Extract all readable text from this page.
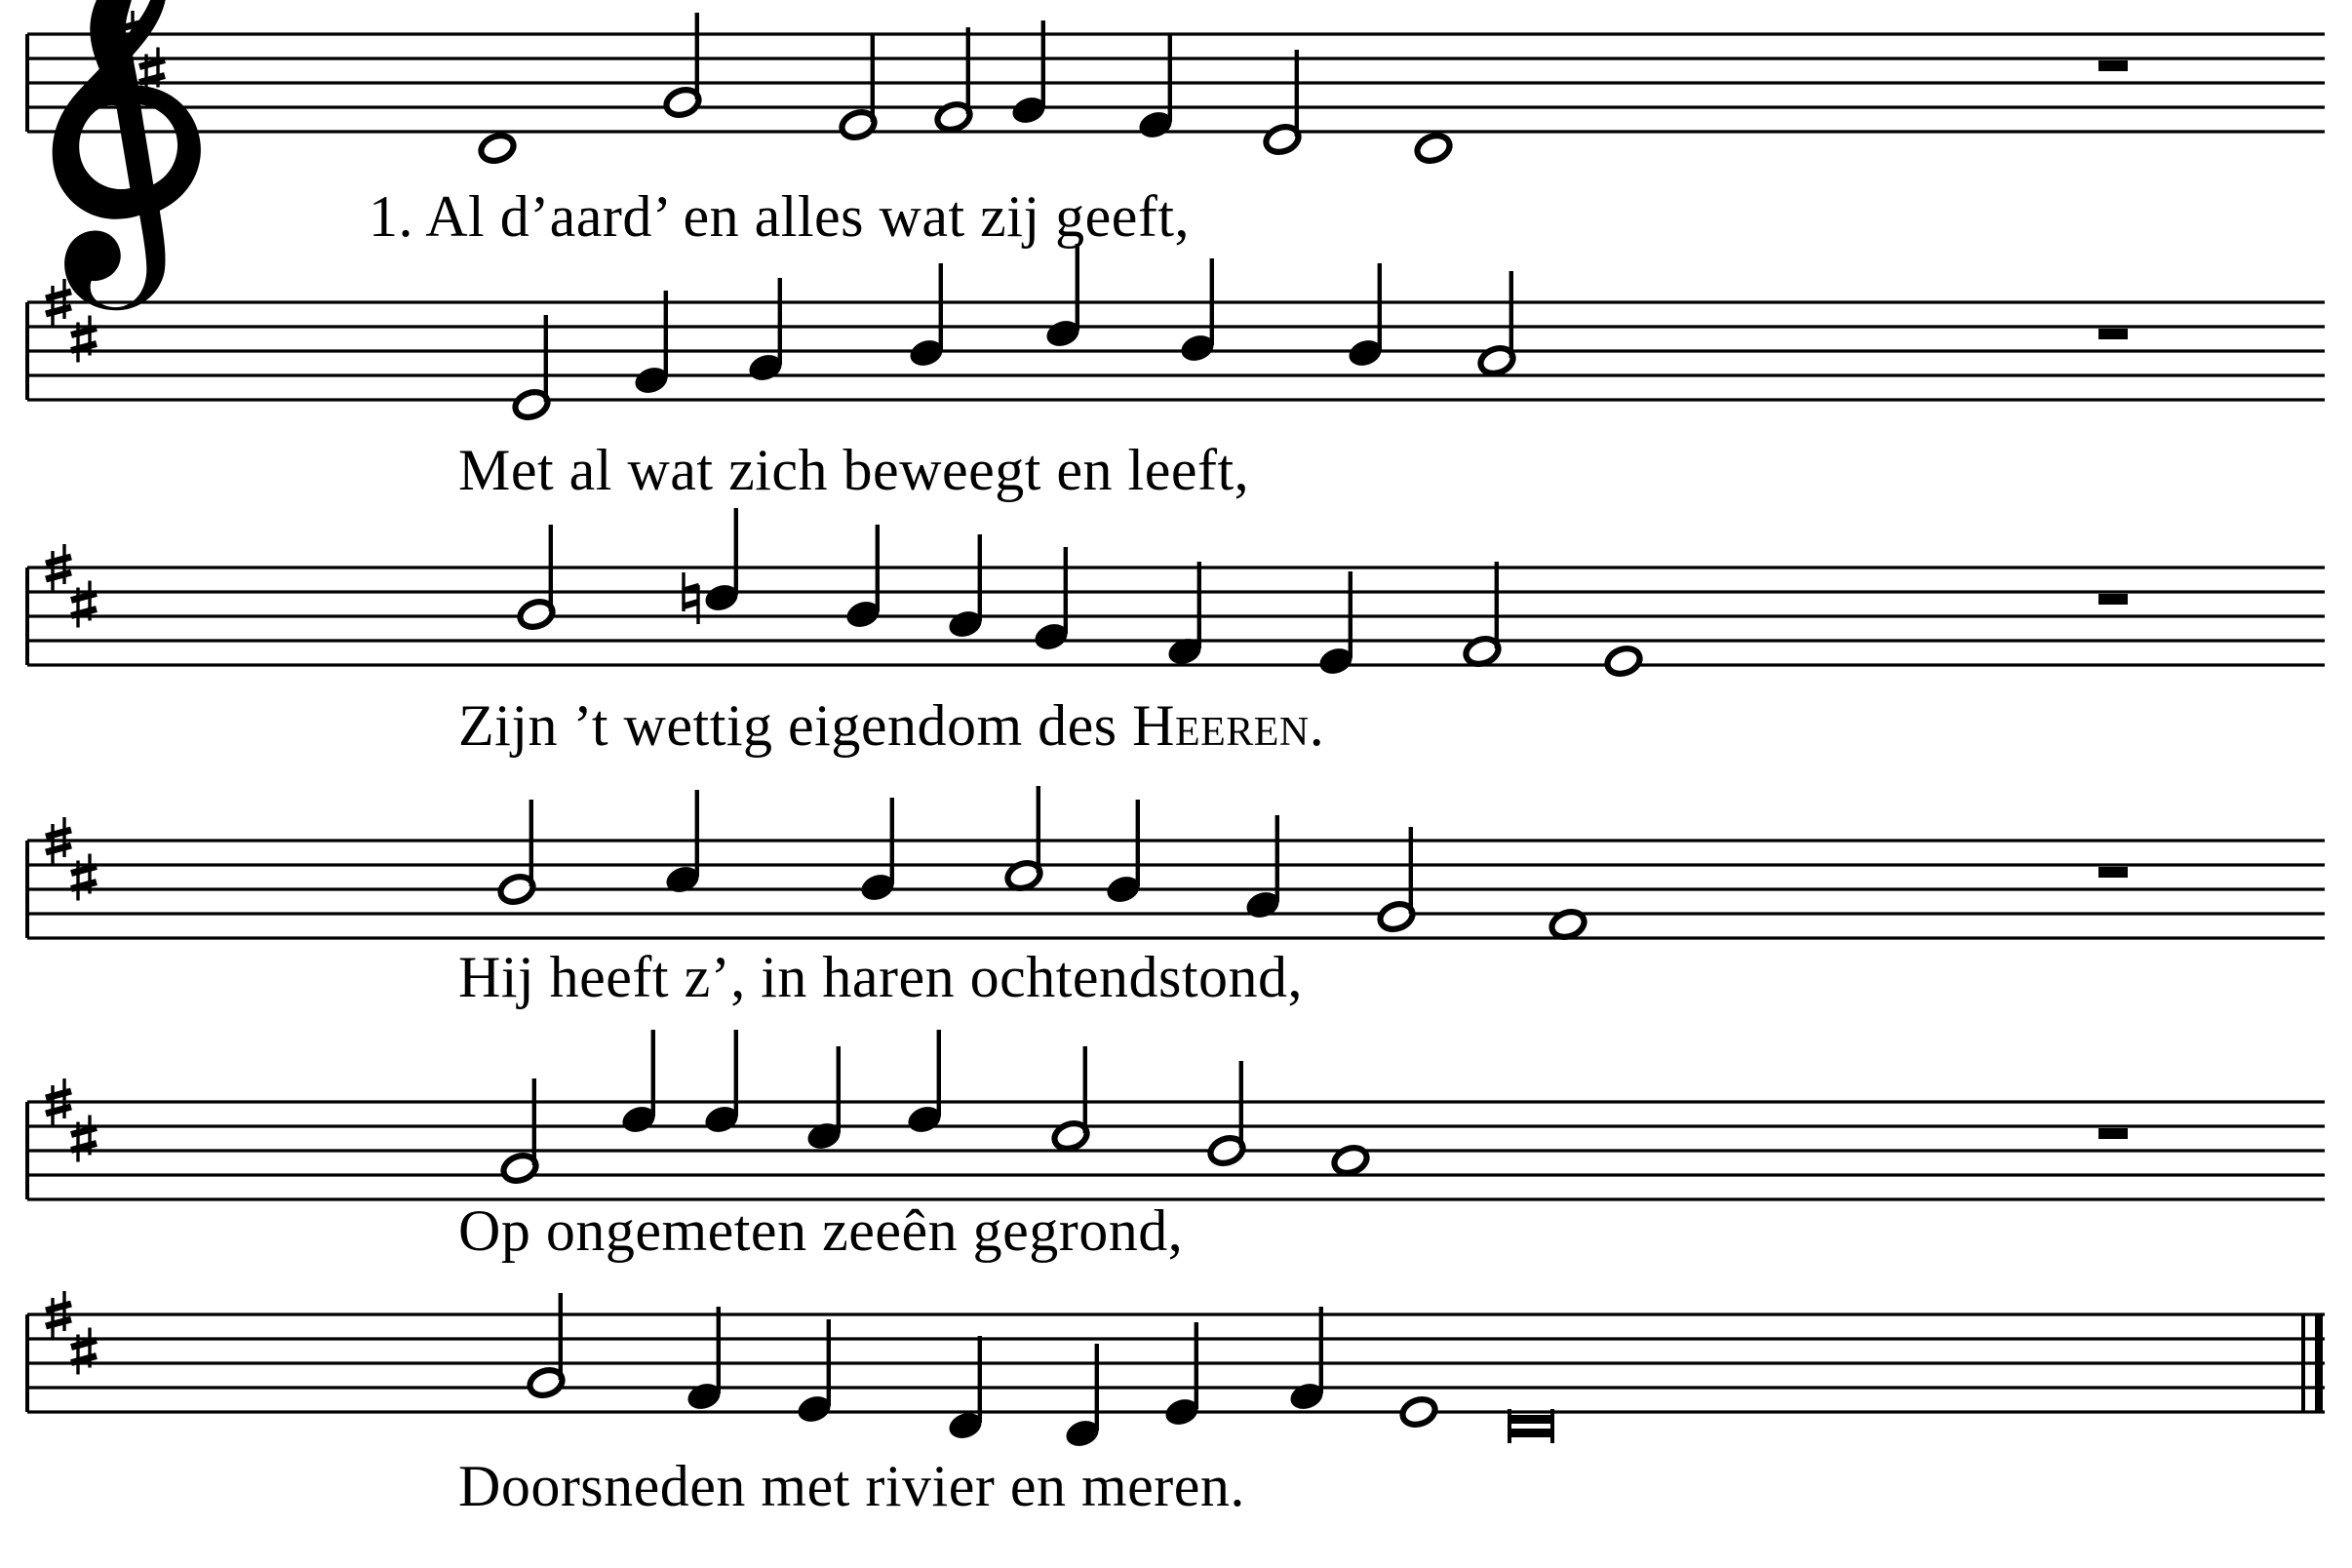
1. Al d’aard’ en alles wat zij geeft,
Met al wat zich beweegt en leeft,
Zijn ’t wettig eigendom des Heeren.
Hij heeft z’, in haren ochtendstond,
Op ongemeten zeeên gegrond,
Doorsneden met rivier en meren.
